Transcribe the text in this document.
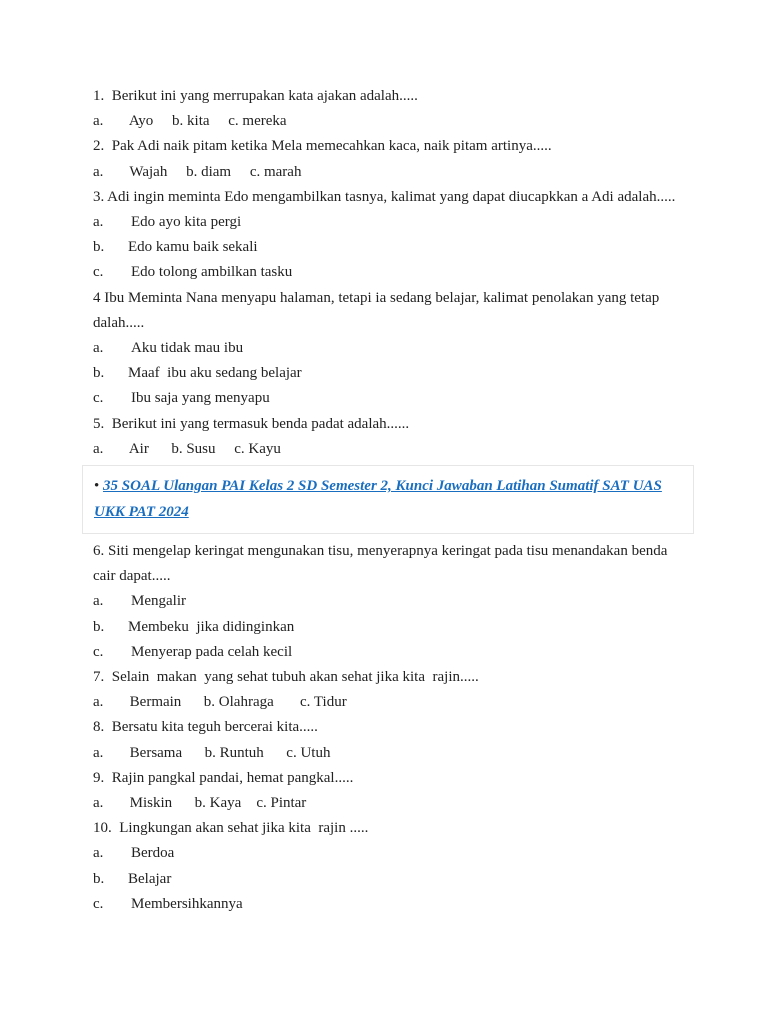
1.  Berikut ini yang merrupakan kata ajakan adalah.....
a.       Ayo     b. kita     c. mereka
2.  Pak Adi naik pitam ketika Mela memecahkan kaca, naik pitam artinya.....
a.       Wajah     b. diam     c. marah
3. Adi ingin meminta Edo mengambilkan tasnya, kalimat yang dapat diucapkkan a Adi adalah.....
a.	Edo ayo kita pergi
b.	Edo kamu baik sekali
c.	Edo tolong ambilkan tasku
4 Ibu Meminta Nana menyapu halaman, tetapi ia sedang belajar, kalimat penolakan yang tetap dalah.....
a.	Aku tidak mau ibu
b.	Maaf  ibu aku sedang belajar
c.	Ibu saja yang menyapu
5.  Berikut ini yang termasuk benda padat adalah......
a.       Air      b. Susu     c. Kayu
• 35 SOAL Ulangan PAI Kelas 2 SD Semester 2, Kunci Jawaban Latihan Sumatif SAT UAS UKK PAT 2024
6. Siti mengelap keringat mengunakan tisu, menyerapnya keringat pada tisu menandakan benda cair dapat.....
a.	Mengalir
b.	Membeku  jika didinginkan
c.	Menyerap pada celah kecil
7.  Selain  makan  yang sehat tubuh akan sehat jika kita  rajin.....
a.       Bermain      b. Olahraga       c. Tidur
8.  Bersatu kita teguh bercerai kita.....
a.       Bersama      b. Runtuh      c. Utuh
9.  Rajin pangkal pandai, hemat pangkal.....
a.       Miskin      b. Kaya    c. Pintar
10.  Lingkungan akan sehat jika kita  rajin .....
a.	Berdoa
b.	Belajar
c.	Membersihkannya
